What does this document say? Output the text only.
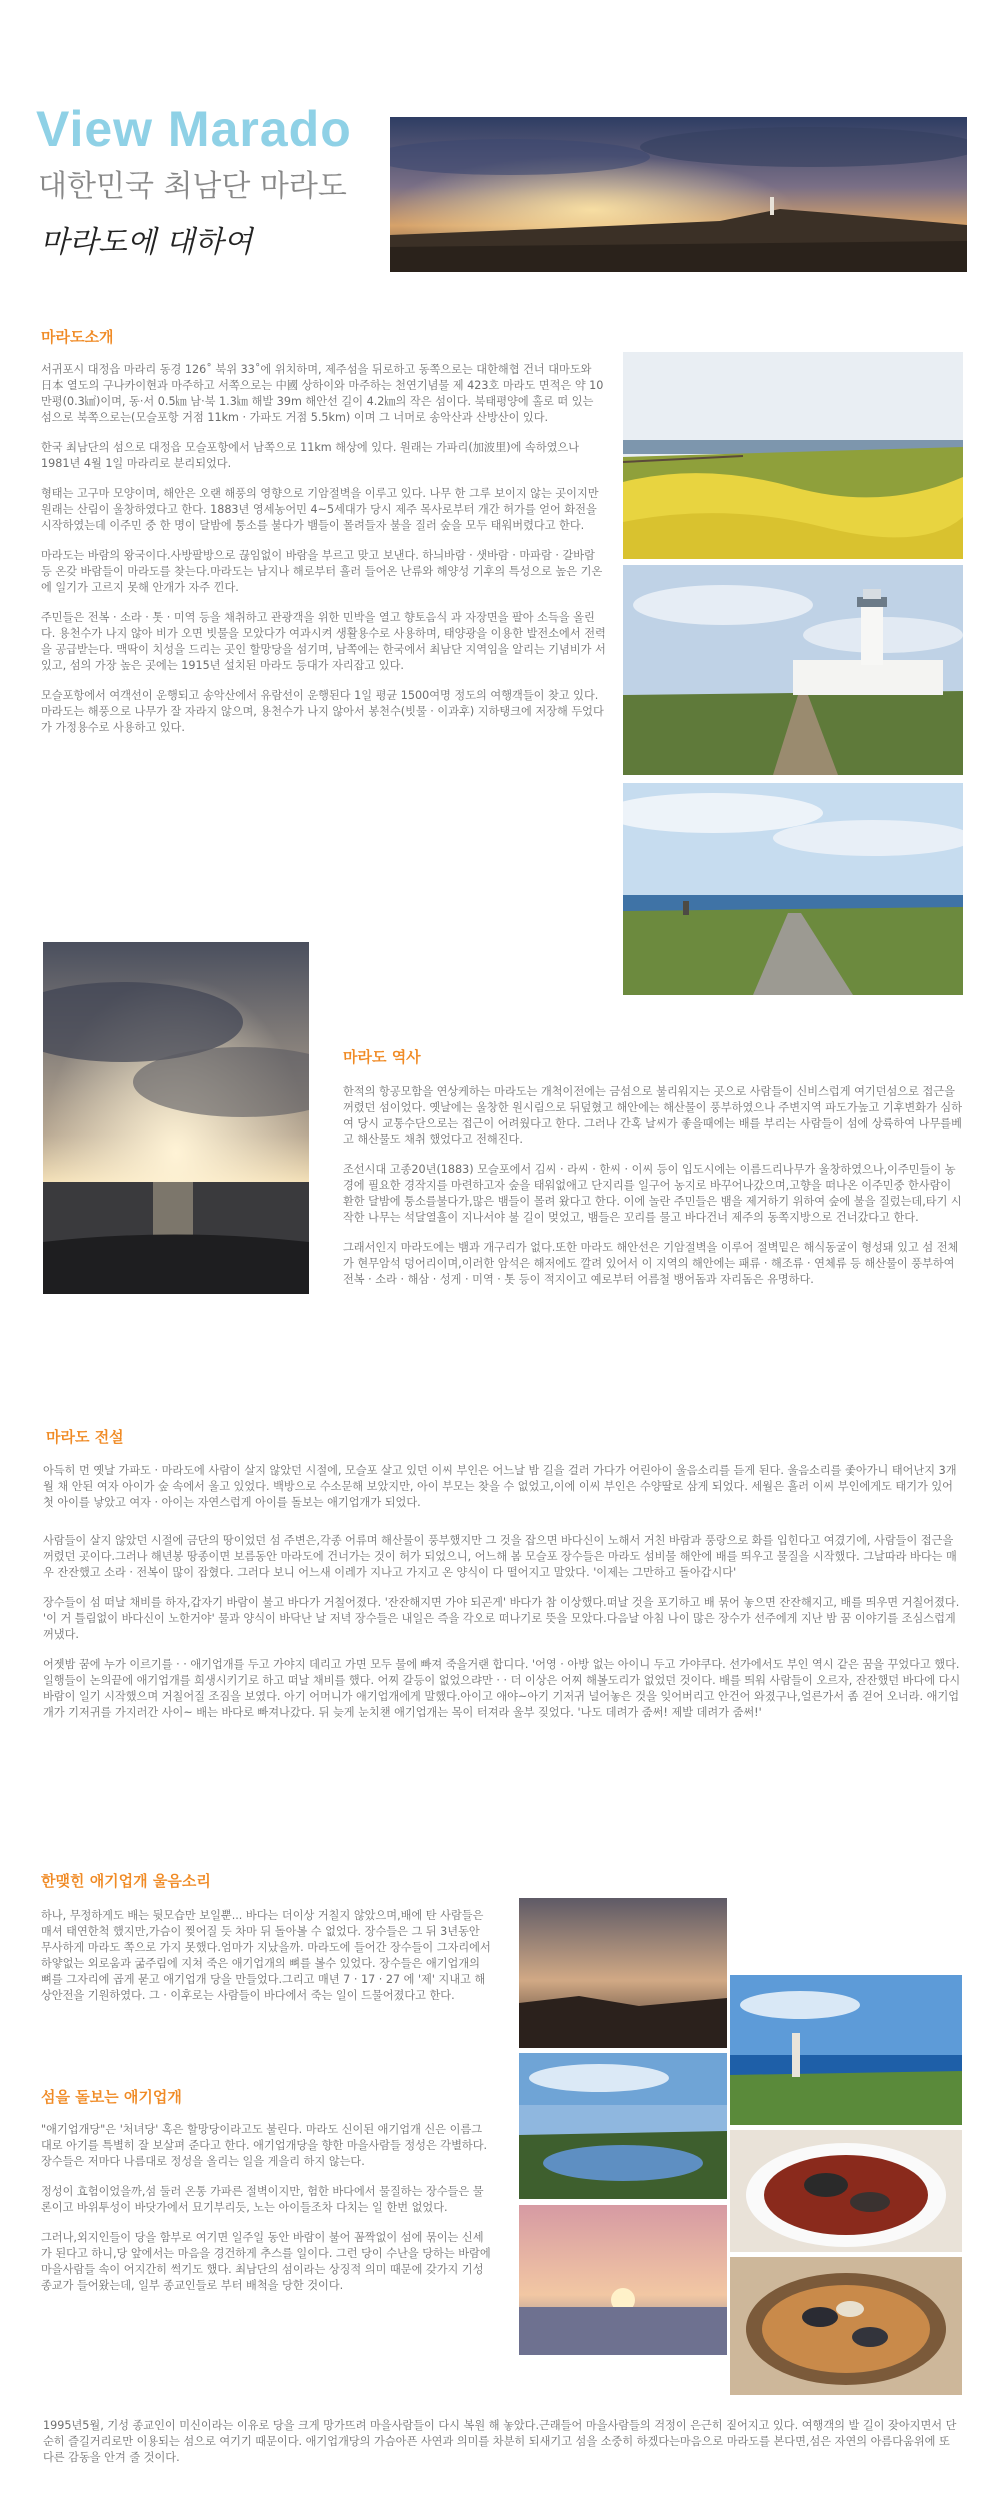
View Marado
대한민국 최남단 마라도
마라도에 대하여
마라도소개

서귀포시 대정읍 마라리 동경 126˚ 북위 33˚에 위치하며, 제주섬을 뒤로하고 동쪽으로는 대한해협 건너 대마도와 日本 열도의 구나카이현과 마주하고 서쪽으로는 中國 상하이와 마주하는 천연기념물 제 423호 마라도 면적은 약 10만평(0.3㎢)이며, 동·서 0.5㎞ 남·북 1.3㎞ 해발 39m 해안선 길이 4.2㎞의 작은 섬이다. 북태평양에 홀로 떠 있는 섬으로 북쪽으로는(모슬포항 거점 11km · 가파도 거점 5.5km) 이며 그 너머로 송악산과 산방산이 있다.

한국 최남단의 섬으로 대정읍 모슬포항에서 남쪽으로 11km 해상에 있다. 원래는 가파리(加波里)에 속하였으나 1981년 4월 1일 마라리로 분리되었다.

형태는 고구마 모양이며, 해안은 오랜 해풍의 영향으로 기암절벽을 이루고 있다. 나무 한 그루 보이지 않는 곳이지만 원래는 산림이 울창하였다고 한다. 1883년 영세농어민 4~5세대가 당시 제주 목사로부터 개간 허가를 얻어 화전을 시작하였는데 이주민 중 한 명이 달밤에 퉁소를 불다가 뱀들이 몰려들자 불을 질러 숲을 모두 태워버렸다고 한다.

마라도는 바람의 왕국이다.사방팔방으로 끊임없이 바람을 부르고 맞고 보낸다. 하늬바람 · 샛바람 · 마파람 · 갈바람 등 온갖 바람들이 마라도를 찾는다.마라도는 남지나 해로부터 흘러 들어온 난류와 해양성 기후의 특성으로 높은 기온에 일기가 고르지 못해 안개가 자주 낀다.

주민들은 전복 · 소라 · 톳 · 미역 등을 채취하고 관광객을 위한 민박을 열고 향토음식 과 자장면을 팔아 소득을 올린다. 용천수가 나지 않아 비가 오면 빗물을 모았다가 여과시켜 생활용수로 사용하며, 태양광을 이용한 발전소에서 전력을 공급받는다. 맥딱이 치성을 드리는 곳인 할망당을 섬기며, 남쪽에는 한국에서 최남단 지역임을 알리는 기념비가 서 있고, 섬의 가장 높은 곳에는 1915년 설치된 마라도 등대가 자리잡고 있다.

모슬포항에서 여객선이 운행되고 송악산에서 유람선이 운행된다 1일 평균 1500여명 정도의 여행객들이 찾고 있다. 마라도는 해풍으로 나무가 잘 자라지 않으며, 용천수가 나지 않아서 봉천수(빗물 · 이과후) 지하탱크에 저장해 두었다가 가정용수로 사용하고 있다.

마라도 역사

한적의 항공모함을 연상케하는 마라도는 개척이전에는 금섬으로 불리워지는 곳으로 사람들이 신비스럽게 여기던섬으로 접근을꺼렸던 섬이었다. 옛날에는 울창한 원시림으로 뒤덮혔고 해안에는 해산물이 풍부하였으나 주변지역 파도가높고 기후변화가 심하여 당시 교통수단으로는 접근이 어려웠다고 한다. 그러나 간혹 날씨가 좋을때에는 배를 부리는 사람들이 섬에 상륙하여 나무를베고 해산물도 채취 했었다고 전해진다.

조선시대 고종20년(1883) 모슬포에서 김씨 · 라씨 · 한씨 · 이씨 등이 입도시에는 이름드리나무가 울창하였으나,이주민들이 농경에 필요한 경작지를 마련하고자 숲을 태워없애고 단지리를 일구어 농지로 바꾸어나갔으며,고향을 떠나온 이주민중 한사람이 환한 달밤에 퉁소를불다가,많은 뱀들이 몰려 왔다고 한다. 이에 놀란 주민들은 뱀을 제거하기 위하여 숲에 불을 질렀는데,타기 시작한 나무는 석달열흘이 지나서야 불 길이 멎었고, 뱀들은 꼬리를 물고 바다건너 제주의 동쪽지방으로 건너갔다고 한다.

그래서인지 마라도에는 뱀과 개구리가 없다.또한 마라도 해안선은 기암절벽을 이루어 절벽밑은 해식동굴이 형성돼 있고 섬 전체가 현무암석 덩어리이며,이러한 암석은 해저에도 깔려 있어서 이 지역의 해안에는 패류 · 해조류 · 연체류 등 해산물이 풍부하여 전복 · 소라 · 해삼 · 성게 · 미역 · 톳 등이 적지이고 예로부터 어름철 뱅어돔과 자리돔은 유명하다.

마라도 전설

아득히 먼 옛날 가파도 · 마라도에 사람이 살지 않았던 시절에, 모슬포 살고 있던 이씨 부인은 어느날 밤 길을 걸러 가다가 어린아이 울음소리를 듣게 된다. 울음소리를 좇아가니 태어난지 3개월 채 안된 여자 아이가 숲 속에서 울고 있었다. 백방으로 수소문해 보았지만, 아이 부모는 찾을 수 없었고,이에 이씨 부인은 수양딸로 삼게 되었다. 세월은 흘러 이씨 부인에게도 태기가 있어 첫 아이를 낳았고 여자 · 아이는 자연스럽게 아이를 돌보는 애기업개가 되었다.

사람들이 살지 않았던 시절에 금단의 땅이었던 섬 주변은,각종 어류며 해산물이 풍부했지만 그 것을 잡으면 바다신이 노해서 거친 바람과 풍랑으로 화를 입힌다고 여겼기에, 사람들이 접근을 꺼렸던 곳이다.그러나 해년봉 땅종이면 보름동안 마라도에 건너가는 것이 허가 되었으니, 어느해 봄 모슬포 장수들은 마라도 섬비물 해안에 배를 띄우고 물질을 시작했다. 그날따라 바다는 매우 잔잔했고 소라 · 전복이 많이 잡혔다. 그러다 보니 어느새 이레가 지나고 가지고 온 양식이 다 떨어지고 말았다. '이제는 그만하고 돌아갑시다'

장수들이 섬 떠날 채비를 하자,갑자기 바람이 불고 바다가 거칠어졌다. '잔잔해지면 가야 되곤게' 바다가 참 이상했다.떠날 것을 포기하고 배 묶어 놓으면 잔잔해지고, 배를 띄우면 거칠어졌다. '이 거 틀림없이 바다신이 노한거야' 물과 양식이 바닥난 날 저녁 장수들은 내일은 즉을 각오로 떠나기로 뜻을 모았다.다음날 아침 나이 많은 장수가 선주에게 지난 밤 꿈 이야기를 조심스럽게 꺼냈다.

어젯밤 꿈에 누가 이르기를 · · 애기업개를 두고 가야지 데리고 가면 모두 물에 빠져 죽을거랜 합디다. '어영 · 아방 없는 아이니 두고 가야쿠다. 선가에서도 부인 역시 같은 꿈을 꾸었다고 했다. 일행들이 논의끝에 애기업개를 희생시키기로 하고 떠날 채비를 했다. 어찌 갈등이 없었으랴만 · · 더 이상은 어찌 해볼도리가 없었던 것이다. 배를 띄워 사람들이 오르자, 잔잔했던 바다에 다시 바람이 일기 시작했으며 거칠어질 조짐을 보였다. 아기 어머니가 애기업개에게 말했다.아이고 애야~아기 기저귀 널어놓은 것을 잊어버리고 안건어 와졌구나,얼른가서 좀 걷어 오너라. 애기업개가 기저귀를 가지러간 사이~ 배는 바다로 빠져나갔다. 뒤 늦게 눈치챈 애기업개는 목이 터져라 울부 짖었다. '나도 데려가 줌써! 제발 데려가 줌써!'

한맺힌 애기업개 울음소리

하나, 무정하게도 배는 뒷모습만 보일뿐... 바다는 더이상 거칠지 않았으며,배에 탄 사람들은 매셔 태연한척 했지만,가슴이 찢어질 듯 차마 뒤 돌아볼 수 없었다. 장수들은 그 뒤 3년동안 무사하게 마라도 쪽으로 가지 못했다.엄마가 지났을까. 마라도에 들어간 장수들이 그자리에서 하얗없는 외로움과 굶주림에 지쳐 죽은 애기업개의 뼈를 볼수 있었다. 장수들은 애기업개의 뼈를 그자리에 곱게 묻고 애기업개 당을 만들었다.그리고 매년 7 · 17 · 27 에 '제' 지내고 해상안전을 기원하였다. 그 · 이후로는 사람들이 바다에서 죽는 일이 드물어졌다고 한다.

섬을 돌보는 애기업개

"애기업개당"은 '처녀당' 혹은 할망당이라고도 불린다. 마라도 신이된 애기업개 신은 이름그대로 아기를 특별히 잘 보살펴 준다고 한다. 애기업개당을 향한 마을사람들 정성은 각별하다.장수들은 저마다 나름대로 정성을 올리는 일을 게을리 하지 않는다.

정성이 효험이었을까,섬 둘러 온통 가파른 절벽이지만, 험한 바다에서 물질하는 장수들은 물론이고 바위투성이 바닷가에서 묘기부리듯, 노는 아이들조차 다치는 일 한번 없었다.

그러나,외지인들이 당을 함부로 여기면 일주일 동안 바람이 불어 꼼짝없이 섬에 묶이는 신세가 된다고 하니,당 앞에서는 마음을 경건하게 추스를 일이다. 그런 당이 수난을 당하는 바람에 마을사람들 속이 어지간히 썩기도 했다. 최남단의 섬이라는 상징적 의미 때문에 갖가지 기성종교가 들어왔는데, 일부 종교인들로 부터 배척을 당한 것이다.

1995년5월, 기성 종교인이 미신이라는 이유로 당을 크게 망가뜨려 마을사람들이 다시 복원 해 놓았다.근래들어 마을사람들의 걱정이 은근히 짙어지고 있다. 여행객의 발 길이 잦아지면서 단순히 즐길거리로만 이용되는 섬으로 여기기 때문이다. 애기업개당의 가슴아픈 사연과 의미를 차분히 되새기고 섬을 소중히 하겠다는마음으로 마라도를 본다면,섬은 자연의 아름다움위에 또 다른 감동을 안겨 줄 것이다.
